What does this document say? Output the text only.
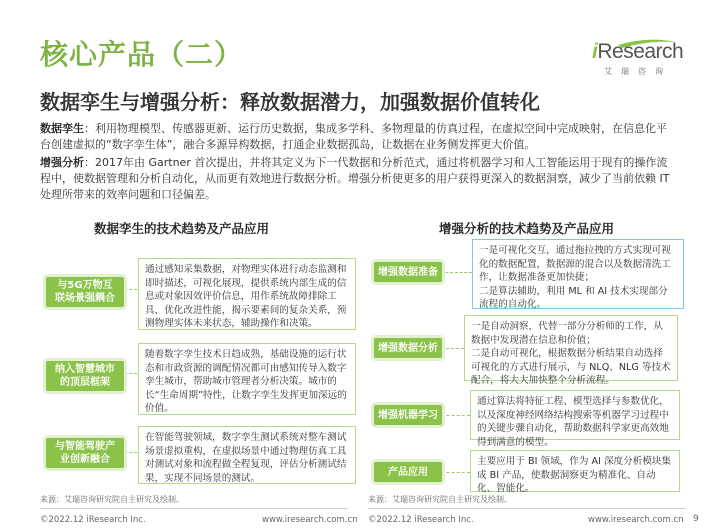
核心产品（二）	iResearch
艾瑞咨询
数据孪生与增强分析：释放数据潜力，加强数据价值转化
数据孪生：利用物理模型、传感器更新、运行历史数据，集成多学科、多物理量的仿真过程，在虚拟空间中完成映射，在信息化平台创建虚拟的“数字孪生体”，融合多源异构数据，打通企业数据孤岛，让数据在业务侧发挥更大价值。
增强分析：2017年由 Gartner 首次提出，并将其定义为下一代数据和分析范式，通过将机器学习和人工智能运用于现有的操作流程中，使数据管理和分析自动化，从而更有效地进行数据分析。增强分析使更多的用户获得更深入的数据洞察，减少了当前依赖 IT 处理所带来的效率问题和口径偏差。
数据孪生的技术趋势及产品应用
与5G万物互
联场景强耦合
通过感知采集数据，对物理实体进行动态监测和即时描述，可视化展现，提供系统内部生成的信息或对象因效评价信息，用作系统故障排除工具，优化改进性能，揭示要素间的复杂关系，预测物理实体未来状态，辅助操作和决策。
纳入智慧城市
的顶层框架
随着数字孪生技术日趋成熟，基础设施的运行状态和市政资源的调配情况都可由感知传导入数字孪生城市，帮助城市管理者分析决策。城市的长“生命周期”特性，让数字孪生发挥更加深远的价值。
与智能驾驶产
业创新融合
在智能驾驶领域，数字孪生测试系统对整车测试场景虚拟重构，在虚拟场景中通过物理仿真工具对测试对象和流程做全程复现，评估分析测试结果，实现不同场景的测试。
来源：艾瑞咨询研究院自主研究及绘制。
增强分析的技术趋势及产品应用
增强数据准备
一是可视化交互，通过拖拉拽的方式实现可视化的数据配置，数据源的混合以及数据清洗工作，让数据准备更加快捷；
二是算法辅助，利用 ML 和 AI 技术实现部分流程的自动化。
增强数据分析
一是自动洞察，代替一部分分析师的工作，从数据中发现潜在信息和价值；
二是自动可视化，根据数据分析结果自动选择可视化的方式进行展示，与 NLQ、NLG 等技术配合，将大大加快整个分析流程。
增强机器学习
通过算法将特征工程、模型选择与参数优化，以及深度神经网络结构搜索等机器学习过程中的关键步骤自动化，帮助数据科学家更高效地得到满意的模型。
产品应用
主要应用于 BI 领域，作为 AI 深度分析模块集成 BI 产品，使数据洞察更为精准化、自动化、智能化。
来源：艾瑞咨询研究院自主研究及绘制。
©2022.12 iResearch Inc.	www.iresearch.com.cn ©2022.12 iResearch Inc.	www.iresearch.com.cn 9
